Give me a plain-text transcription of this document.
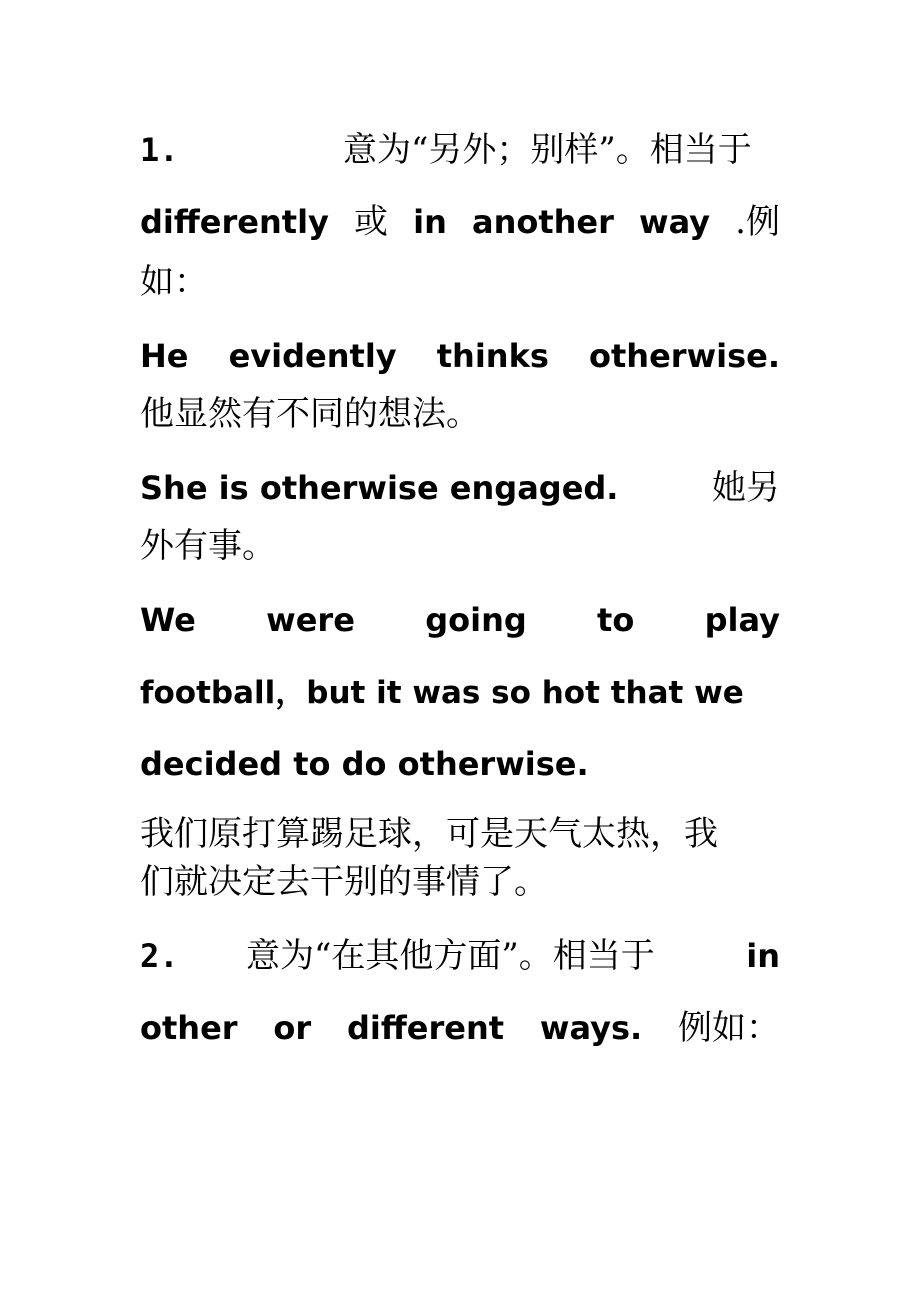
1.	意为“另外；别样”。相当于
differently 或 in another way .例
如：
He evidently thinks otherwise.
他显然有不同的想法。
She is otherwise engaged.	她另
外有事。
We were going to play
football，but it was so hot that we
decided to do otherwise.
我们原打算踢足球，可是天气太热，我
们就决定去干别的事情了。
2. 意为“在其他方面”。相当于	in
other or different ways. 例如：
